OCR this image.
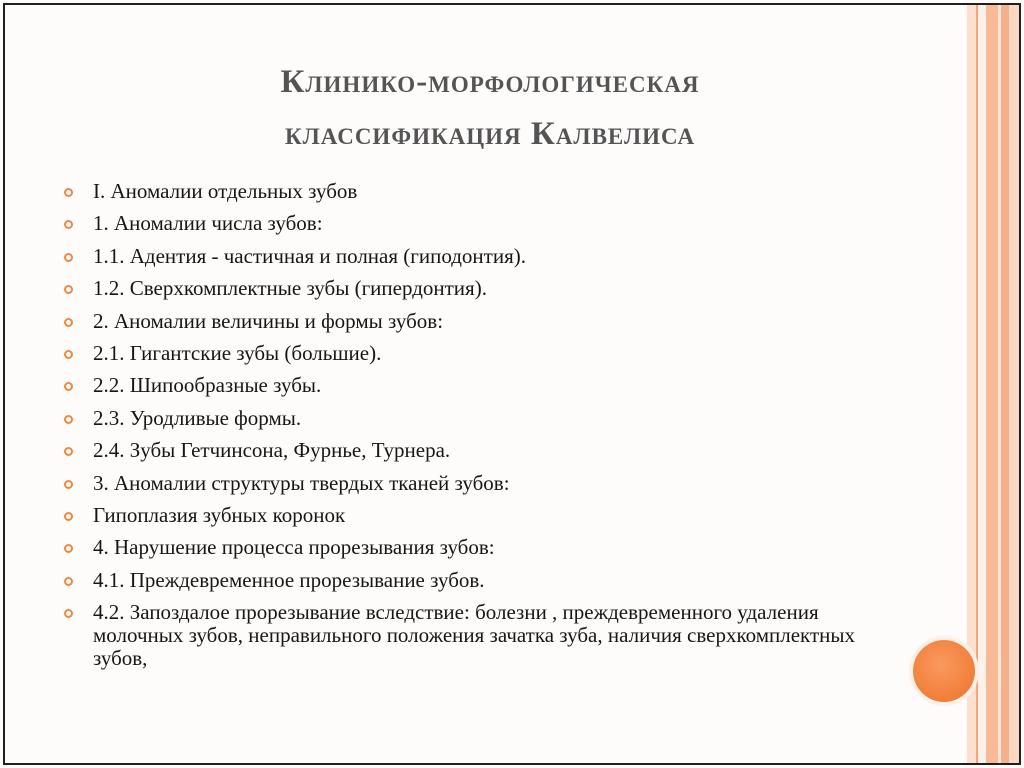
Клинико-морфологическая
классификация Калвелиса
I. Аномалии отдельных зубов
1. Аномалии числа зубов:
1.1. Адентия - частичная и полная (гиподонтия).
1.2. Сверхкомплектные зубы (гипердонтия).
2. Аномалии величины и формы зубов:
2.1. Гигантские зубы (большие).
2.2. Шипообразные зубы.
2.3. Уродливые формы.
2.4. Зубы Гетчинсона, Фурнье, Турнера.
3. Аномалии структуры твердых тканей зубов:
Гипоплазия зубных коронок
4. Нарушение процесса прорезывания зубов:
4.1. Преждевременное прорезывание зубов.
4.2. Запоздалое прорезывание вследствие: болезни , преждевременного удаления молочных зубов, неправильного положения зачатка зуба, наличия сверхкомплектных зубов,
